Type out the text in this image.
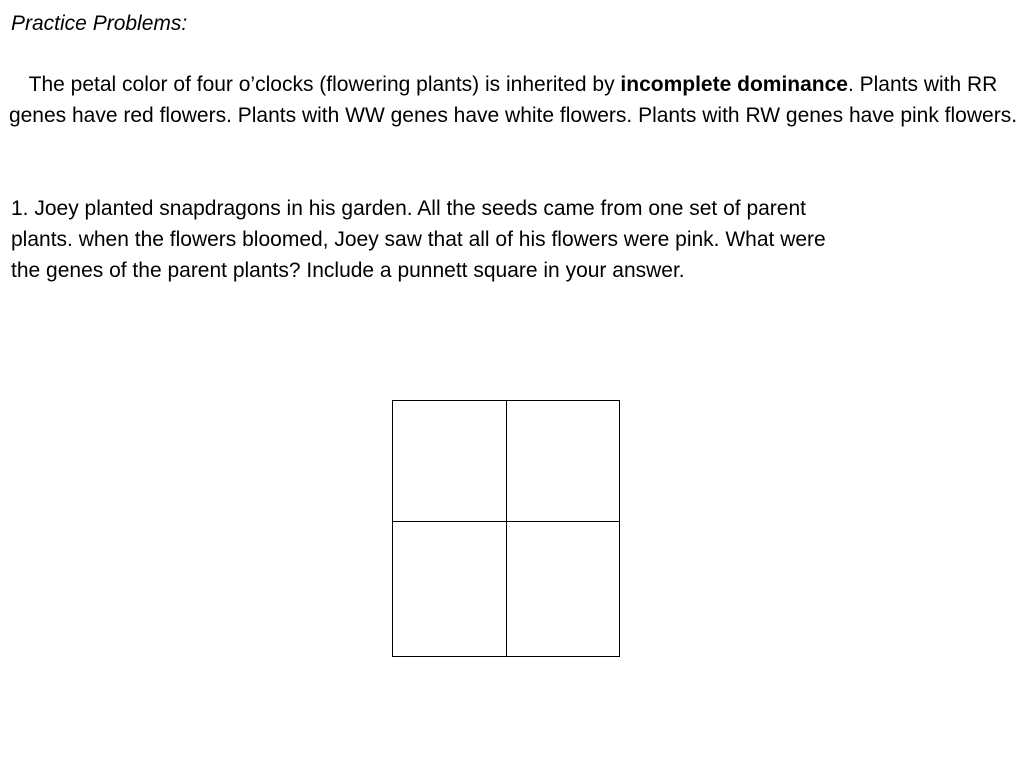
Practice Problems:
The petal color of four o’clocks (flowering plants) is inherited by incomplete dominance. Plants with RR genes have red flowers. Plants with WW genes have white flowers. Plants with RW genes have pink flowers.
1. Joey planted snapdragons in his garden. All the seeds came from one set of parent
plants. when the flowers bloomed, Joey saw that all of his flowers were pink. What were
the genes of the parent plants? Include a punnett square in your answer.
